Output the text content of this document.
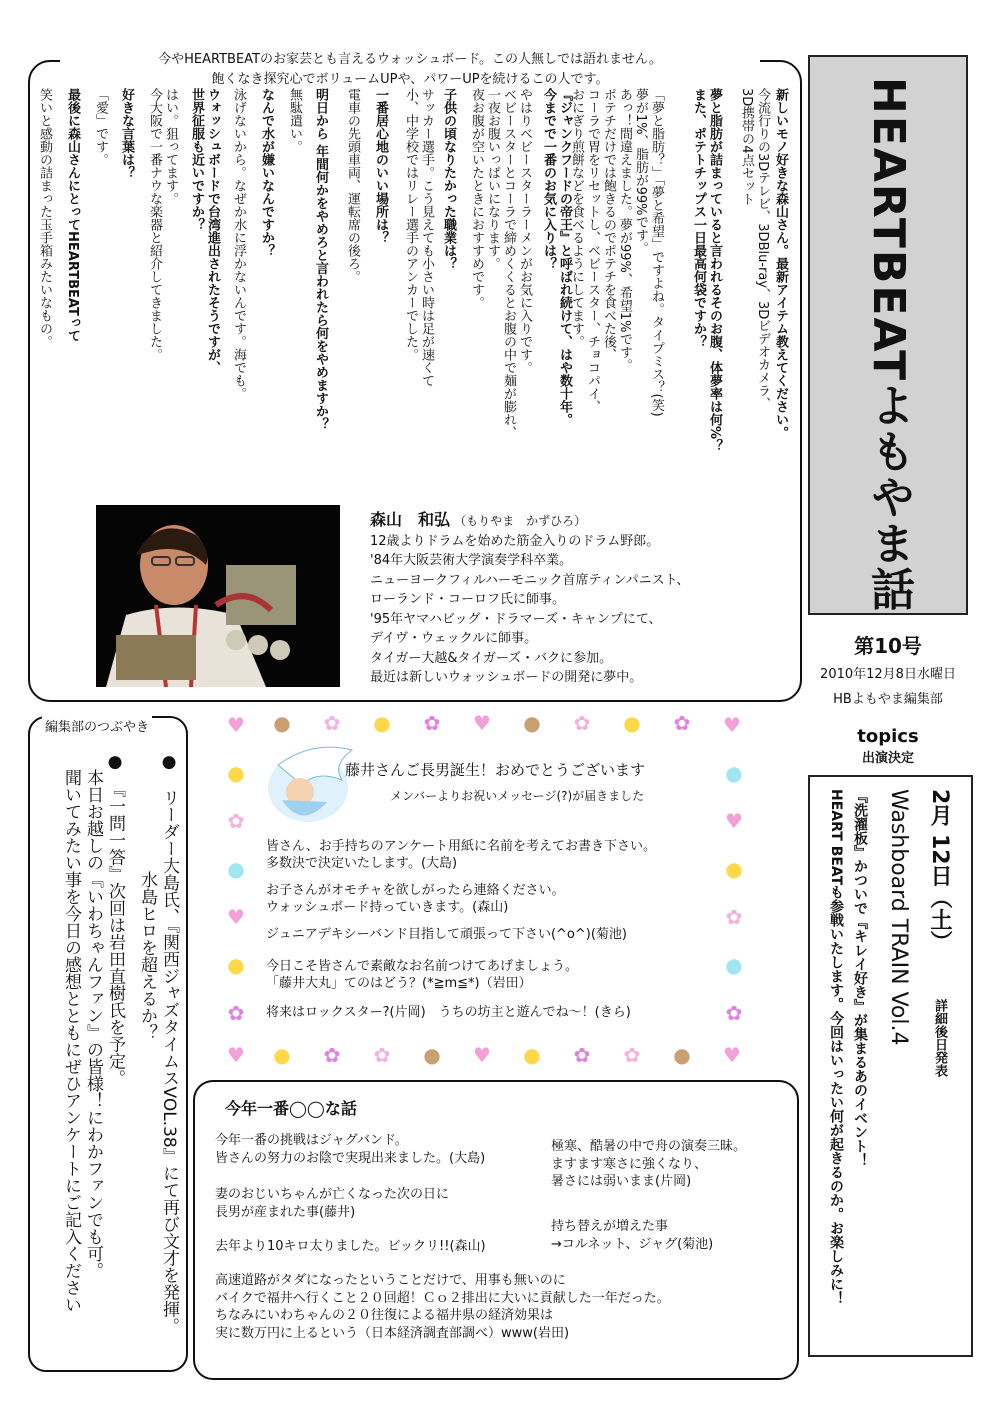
今やHEARTBEATのお家芸とも言えるウォッシュボード。この人無しでは語れません。
飽くなき探究心でボリュームUPや、パワーUPを続けるこの人です。
新しいモノ好きな森山さん。最新アイテム教えてください。
今流行りの3Dテレビ、3DBlu-ray、3Dビデオカメラ、
3D携帯の4点セット
夢と脂肪が詰まっていると言われるそのお腹、体夢率は何%？
また、ポテトチップス一日最高何袋ですか？
「夢と脂肪？」「夢と希望」ですよね。タイプミス？(笑)
夢が1%、脂肪が99%です。
あっ！間違えました。夢が99%、希望1%です。
ポテチだけでは飽きるのでポテチを食べた後、
コーラで胃をリセットし、ベビースター、チョコパイ、
おにぎり煎餅などを食べるようにしてます。
『ジャンクフードの帝王』と呼ばれ続けて、はや数十年。
今までで一番のお気に入りは？
やはりベビースターラーメンがお気に入りです。
ベビースターとコーラで締めくくるとお腹の中で麺が膨れ、
一夜お腹いっぱいになります。
夜お腹が空いたときにおすすめです。
子供の頃なりたかった職業は？
サッカー選手。こう見えても小さい時は足が速くて
小、中学校ではリレー選手のアンカーでした。
一番居心地のいい場所は？
電車の先頭車両、運転席の後ろ。
明日から 年間何かをやめろと言われたら何をやめますか？
無駄遣い。
なんで水が嫌いなんですか？
泳げないから。なぜか水に浮かないんです。海でも。
ウォッシュボードで台湾進出されたそうですが、
世界征服も近いですか？
はい。狙ってます。
今大阪で一番ナウな楽器と紹介してきました。
好きな言葉は？
「愛」です。
最後に森山さんにとってHEARTBEATって
笑いと感動の詰まった玉手箱みたいなもの。
森山　和弘 （もりやま　かずひろ）
12歳よりドラムを始めた筋金入りのドラム野郎。
'84年大阪芸術大学演奏学科卒業。
ニューヨークフィルハーモニック首席ティンパニスト、
ローランド・コーロフ氏に師事。
'95年ヤマハビッグ・ドラマーズ・キャンプにて、
デイヴ・ウェックルに師事。
タイガー大越&タイガーズ・バクに参加。
最近は新しいウォッシュボードの開発に夢中。
HEARTBEATよもやま話
第10号
2010年12月8日水曜日
HBよもやま編集部
編集部のつぶやき
●　リーダー大島氏、『関西ジャズタイムスVOL.38』にて再び文才を発揮。
　　　　　　　水島ヒロを超えるか？
●　『一問一答』次回は岩田直樹氏を予定。
　本日お越しの『いわちゃんファン』の皆様！にわかファンでも可。
　聞いてみたい事を今日の感想とともにぜひアンケートにご記入ください
♥ ● ✿ ● ✿ ♥ ● ✿ ● ✿ ♥
♥ ● ✿ ✿ ● ♥ ● ✿ ✿ ● ♥
●
✿
●
♥
●
✿
●
♥
●
✿
●
✿
藤井さんご長男誕生！おめでとうございます
メンバーよりお祝いメッセージ(?)が届きました
皆さん、お手持ちのアンケート用紙に名前を考えてお書き下さい。
多数決で決定いたします。(大島)
お子さんがオモチャを欲しがったら連絡ください。
ウォッシュボード持っていきます。(森山)
ジュニアデキシーバンド目指して頑張って下さい(^o^)(菊池)
今日こそ皆さんで素敵なお名前つけてあげましょう。
「藤井大丸」てのはどう？(*≧m≦*)（岩田）
将来はロックスター?(片岡)　うちの坊主と遊んでね～！(きら)
topics
出演決定
2月 12日（土）
詳細後日発表
Washboard TRAIN Vol.4
『洗濯板』かついで『キレイ好き』が集まるあのイベント！
HEART BEATも参戦いたします。今回はいったい何が起きるのか。お楽しみに！
今年一番◯◯な話
今年一番の挑戦はジャグバンド。
皆さんの努力のお陰で実現出来ました。(大島)
妻のおじいちゃんが亡くなった次の日に
長男が産まれた事(藤井)
去年より10キロ太りました。ビックリ!!(森山)
極寒、酷暑の中で舟の演奏三昧。
ますます寒さに強くなり、
暑さには弱いまま(片岡)
持ち替えが増えた事
→コルネット、ジャグ(菊池)
高速道路がタダになったということだけで、用事も無いのに
バイクで福井へ行くこと２０回超！Ｃｏ２排出に大いに貢献した一年だった。
ちなみにいわちゃんの２０往復による福井県の経済効果は
実に数万円に上るという（日本経済調査部調べ）www(岩田)
